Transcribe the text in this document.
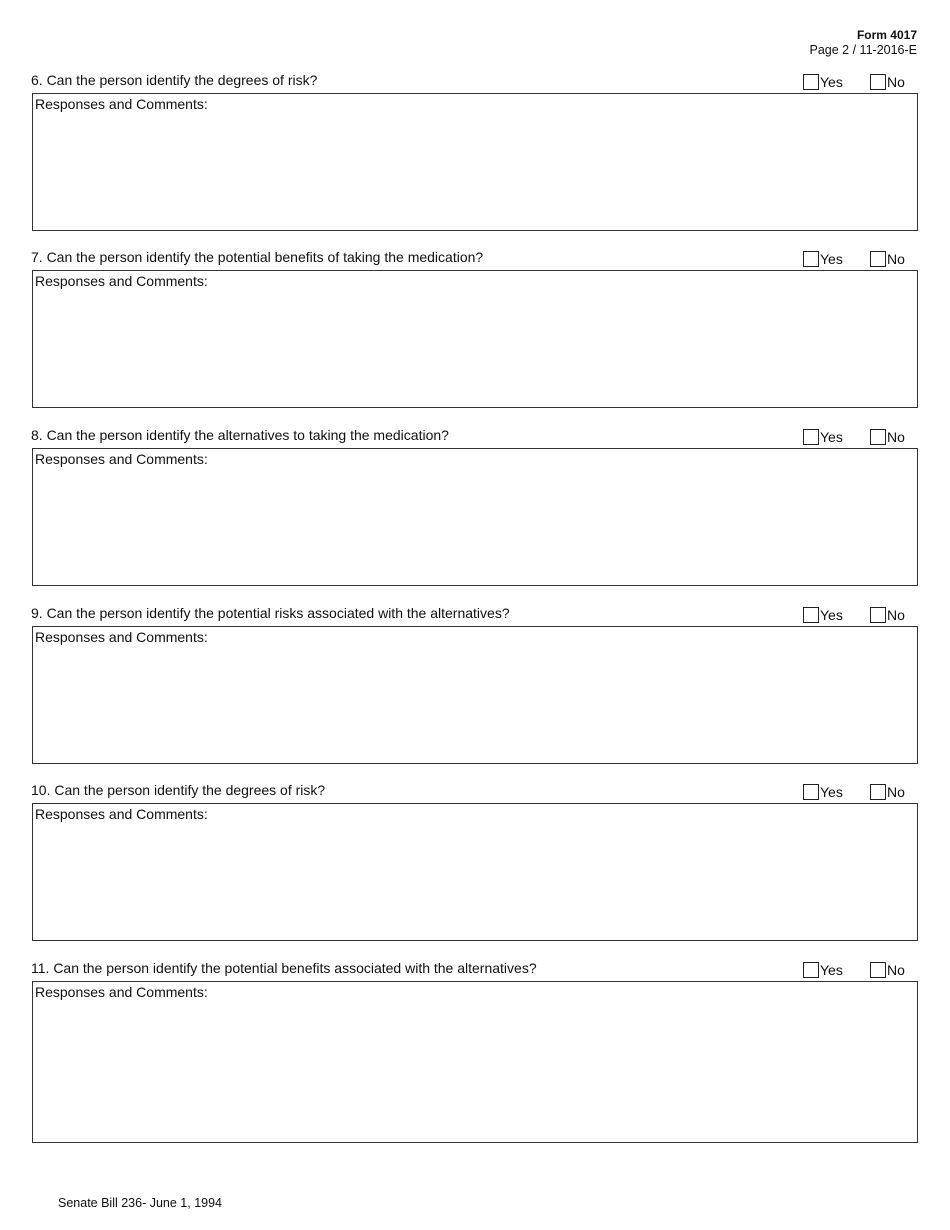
Form 4017
Page 2 / 11-2016-E
6. Can the person identify the degrees of risk?	Yes	No
Responses and Comments:
7. Can the person identify the potential benefits of taking the medication?	Yes	No
Responses and Comments:
8. Can the person identify the alternatives to taking the medication?	Yes	No
Responses and Comments:
9. Can the person identify the potential risks associated with the alternatives?	Yes	No
Responses and Comments:
10. Can the person identify the degrees of risk?	Yes	No
Responses and Comments:
11. Can the person identify the potential benefits associated with the alternatives?	Yes	No
Responses and Comments:
Senate Bill 236- June 1, 1994
